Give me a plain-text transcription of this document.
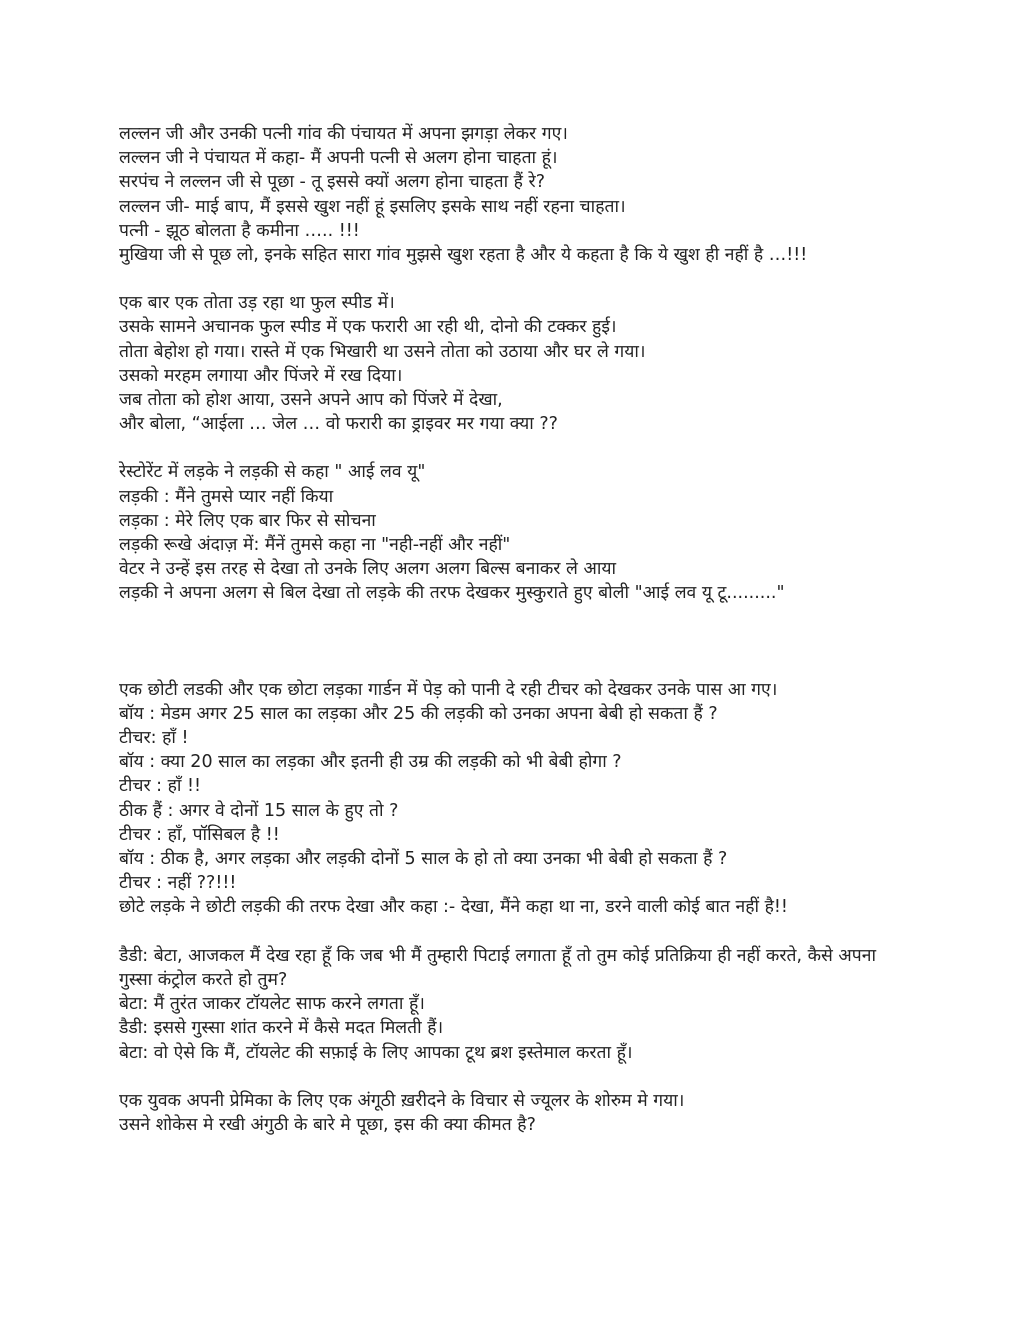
लल्लन जी और उनकी पत्नी गांव की पंचायत में अपना झगड़ा लेकर गए।
लल्लन जी ने पंचायत में कहा- मैं अपनी पत्नी से अलग होना चाहता हूं।
सरपंच ने लल्लन जी से पूछा - तू इससे क्यों अलग होना चाहता हैं रे?
लल्लन जी- माई बाप, मैं इससे खुश नहीं हूं इसलिए इसके साथ नहीं रहना चाहता।
पत्नी - झूठ बोलता है कमीना ….. !!!
मुखिया जी से पूछ लो, इनके सहित सारा गांव मुझसे खुश रहता है और ये कहता है कि ये खुश ही नहीं है …!!!
एक बार एक तोता उड़ रहा था फुल स्पीड में।
उसके सामने अचानक फुल स्पीड में एक फरारी आ रही थी, दोनो की टक्कर हुई।
तोता बेहोश हो गया। रास्ते में एक भिखारी था उसने तोता को उठाया और घर ले गया।
उसको मरहम लगाया और पिंजरे में रख दिया।
जब तोता को होश आया, उसने अपने आप को पिंजरे में देखा,
और बोला, “आईला … जेल … वो फरारी का ड्राइवर मर गया क्या ??
रेस्टोरेंट में लड़के ने लड़की से कहा " आई लव यू"
लड़की : मैंने तुमसे प्यार नहीं किया
लड़का : मेरे लिए एक बार फिर से सोचना
लड़की रूखे अंदाज़ में: मैंनें तुमसे कहा ना "नही-नहीं और नहीं"
वेटर ने उन्हें इस तरह से देखा तो उनके लिए अलग अलग बिल्स बनाकर ले आया
लड़की ने अपना अलग से बिल देखा तो लड़के की तरफ देखकर मुस्कुराते हुए बोली "आई लव यू टू........."
एक छोटी लडकी और एक छोटा लड़का गार्डन में पेड़ को पानी दे रही टीचर को देखकर उनके पास आ गए।
बॉय : मेडम अगर 25 साल का लड़का और 25 की लड़की को उनका अपना बेबी हो सकता हैं ?
टीचर: हाँ !
बॉय : क्या 20 साल का लड़का और इतनी ही उम्र की लड़की को भी बेबी होगा ?
टीचर : हाँ !!
ठीक हैं : अगर वे दोनों 15 साल के हुए तो ?
टीचर : हाँ, पॉसिबल है !!
बॉय : ठीक है, अगर लड़का और लड़की दोनों 5 साल के हो तो क्या उनका भी बेबी हो सकता हैं ?
टीचर : नहीं ??!!!
छोटे लड़के ने छोटी लड़की की तरफ देखा और कहा :- देखा, मैंने कहा था ना, डरने वाली कोई बात नहीं है!!
डैडी: बेटा, आजकल मैं देख रहा हूँ कि जब भी मैं तुम्हारी पिटाई लगाता हूँ तो तुम कोई प्रतिक्रिया ही नहीं करते, कैसे अपना गुस्सा कंट्रोल करते हो तुम?
बेटा: मैं तुरंत जाकर टॉयलेट साफ करने लगता हूँ।
डैडी: इससे गुस्सा शांत करने में कैसे मदत मिलती हैं।
बेटा: वो ऐसे कि मैं, टॉयलेट की सफ़ाई के लिए आपका टूथ ब्रश इस्तेमाल करता हूँ।
एक युवक अपनी प्रेमिका के लिए एक अंगूठी ख़रीदने के विचार से ज्यूलर के शोरुम मे गया।
उसने शोकेस मे रखी अंगुठी के बारे मे पूछा, इस की क्या कीमत है?
